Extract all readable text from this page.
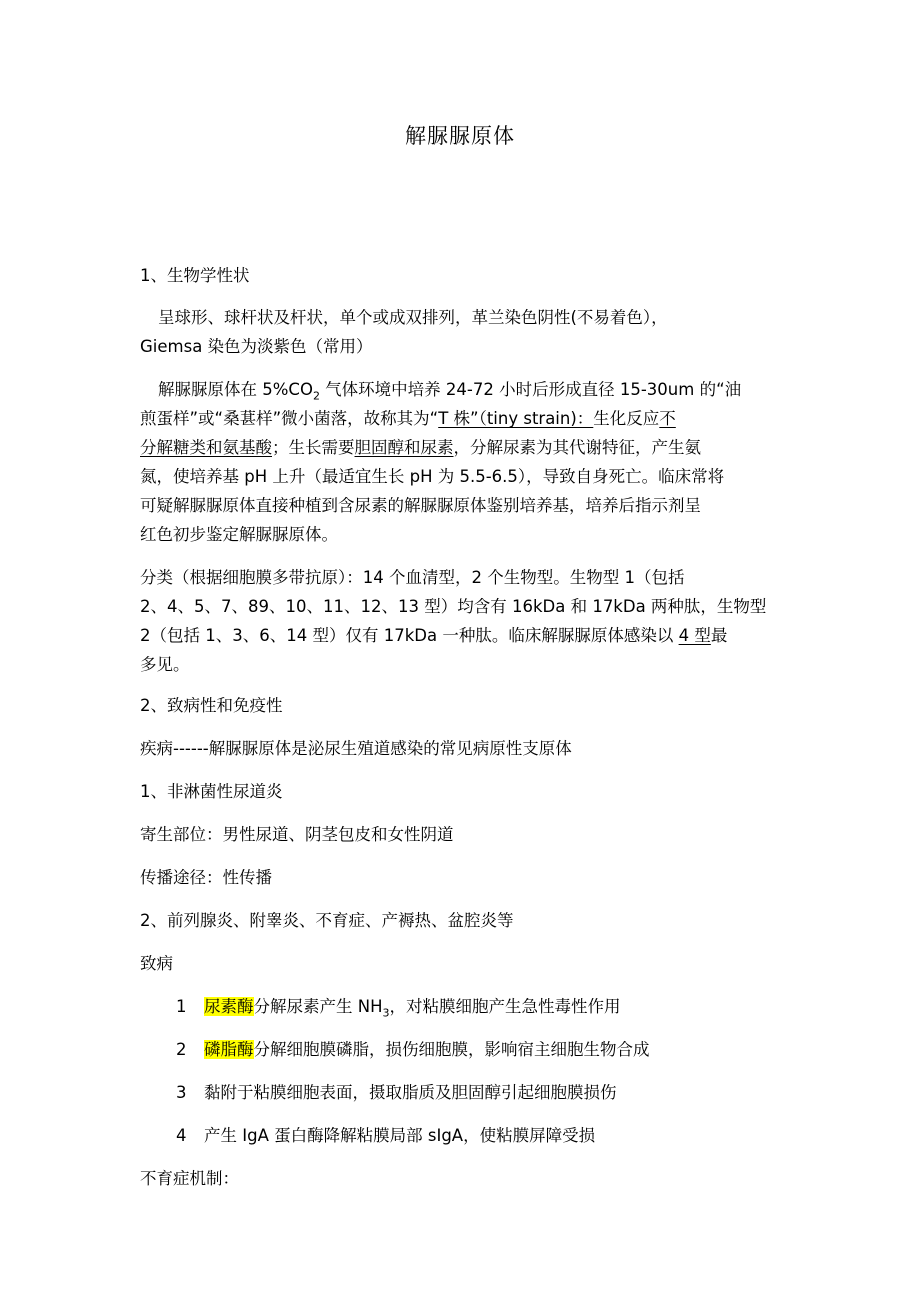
解脲脲原体

1、生物学性状

呈球形、球杆状及杆状，单个或成双排列，革兰染色阴性(不易着色），

Giemsa 染色为淡紫色（常用）

解脲脲原体在 $5\%CO_2$ 气体环境中培养 24-72 小时后形成直径 15-30um 的“油

煎蛋样”或“桑葚样”微小菌落，故称其为“T 株”（tiny strain)：生化反应不

分解糖类和氨基酸；生长需要胆固醇和尿素，分解尿素为其代谢特征，产生氨

氮，使培养基 pH 上升（最适宜生长 pH 为 5.5-6.5），导致自身死亡。临床常将

可疑解脲脲原体直接种植到含尿素的解脲脲原体鉴别培养基，培养后指示剂呈

红色初步鉴定解脲脲原体。

分类（根据细胞膜多带抗原）：14 个血清型，2 个生物型。生物型 1（包括

2、4、5、7、89、10、11、12、13 型）均含有 16kDa 和 17kDa 两种肽，生物型

2（包括 1、3、6、14 型）仅有 17kDa 一种肽。临床解脲脲原体感染以 4 型最

多见。

2、致病性和免疫性

疾病------解脲脲原体是泌尿生殖道感染的常见病原性支原体

1、非淋菌性尿道炎

寄生部位：男性尿道、阴茎包皮和女性阴道

传播途径：性传播

2、前列腺炎、附睾炎、不育症、产褥热、盆腔炎等

致病

1 尿素酶分解尿素产生 $NH_3$，对粘膜细胞产生急性毒性作用
2 磷脂酶分解细胞膜磷脂，损伤细胞膜，影响宿主细胞生物合成
3 黏附于粘膜细胞表面，摄取脂质及胆固醇引起细胞膜损伤
4 产生 IgA 蛋白酶降解粘膜局部 sIgA，使粘膜屏障受损

不育症机制：
